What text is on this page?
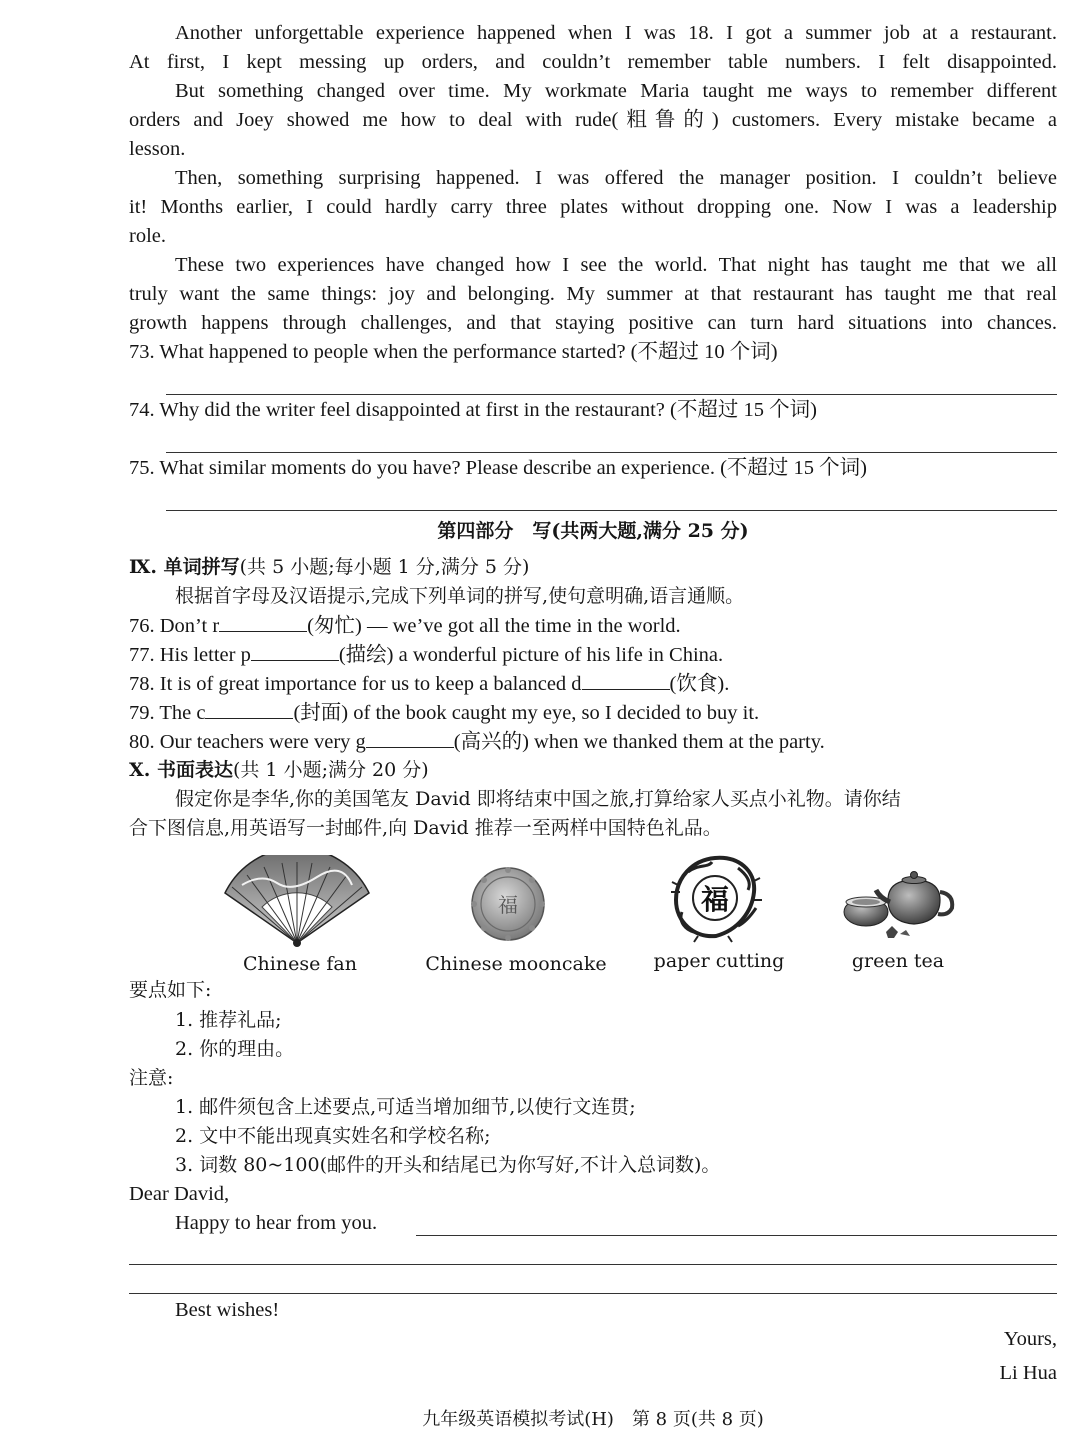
Another unforgettable experience happened when I was 18. I got a summer job at a restaurant.
At first, I kept messing up orders, and couldn’t remember table numbers. I felt disappointed.
But something changed over time. My workmate Maria taught me ways to remember different
orders and Joey showed me how to deal with rude(粗鲁的) customers. Every mistake became a
lesson.
Then, something surprising happened. I was offered the manager position. I couldn’t believe
it! Months earlier, I could hardly carry three plates without dropping one. Now I was a leadership
role.
These two experiences have changed how I see the world. That night has taught me that we all
truly want the same things: joy and belonging. My summer at that restaurant has taught me that real
growth happens through challenges, and that staying positive can turn hard situations into chances.
73. What happened to people when the performance started? (不超过 10 个词)
74. Why did the writer feel disappointed at first in the restaurant? (不超过 15 个词)
75. What similar moments do you have? Please describe an experience. (不超过 15 个词)
第四部分　写(共两大题,满分 25 分)
Ⅸ. 单词拼写(共 5 小题;每小题 1 分,满分 5 分)
根据首字母及汉语提示,完成下列单词的拼写,使句意明确,语言通顺。
76. Don’t r	(匆忙) — we’ve got all the time in the world.
77. His letter p	(描绘) a wonderful picture of his life in China.
78. It is of great importance for us to keep a balanced d	(饮食).
79. The c	(封面) of the book caught my eye, so I decided to buy it.
80. Our teachers were very g	(高兴的) when we thanked them at the party.
Ⅹ. 书面表达(共 1 小题;满分 20 分)
假定你是李华,你的美国笔友 David 即将结束中国之旅,打算给家人买点小礼物。请你结
合下图信息,用英语写一封邮件,向 David 推荐一至两样中国特色礼品。
福	福
Chinese fan	Chinese mooncake	paper cutting	green tea
要点如下:
1. 推荐礼品;
2. 你的理由。
注意:
1. 邮件须包含上述要点,可适当增加细节,以使行文连贯;
2. 文中不能出现真实姓名和学校名称;
3. 词数 80~100(邮件的开头和结尾已为你写好,不计入总词数)。
Dear David,
Happy to hear from you.
Best wishes!
Yours,
Li Hua
九年级英语模拟考试(H)　第 8 页(共 8 页)
